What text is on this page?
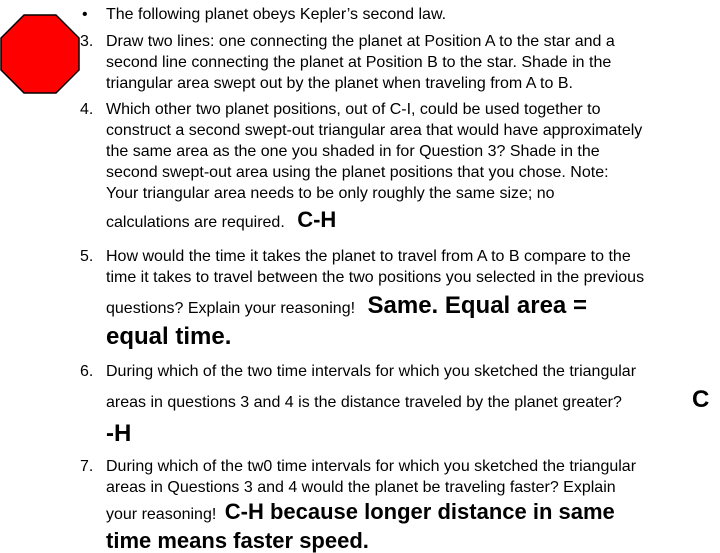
•	The following planet obeys Kepler’s second law.
3. Draw two lines: one connecting the planet at Position A to the star and a
second line connecting the planet at Position B to the star. Shade in the
triangular area swept out by the planet when traveling from A to B.
4. Which other two planet positions, out of C-I, could be used together to
construct a second swept-out triangular area that would have approximately
the same area as the one you shaded in for Question 3? Shade in the
second swept-out area using the planet positions that you chose. Note:
Your triangular area needs to be only roughly the same size; no
calculations are required. C-H
5. How would the time it takes the planet to travel from A to B compare to the
time it takes to travel between the two positions you selected in the previous
questions? Explain your reasoning! Same. Equal area =
equal time.
6. During which of the two time intervals for which you sketched the triangular
areas in questions 3 and 4 is the distance traveled by the planet greater?	C
-H
7. During which of the tw0 time intervals for which you sketched the triangular
areas in Questions 3 and 4 would the planet be traveling faster? Explain
your reasoning! C-H because longer distance in same
time means faster speed.
